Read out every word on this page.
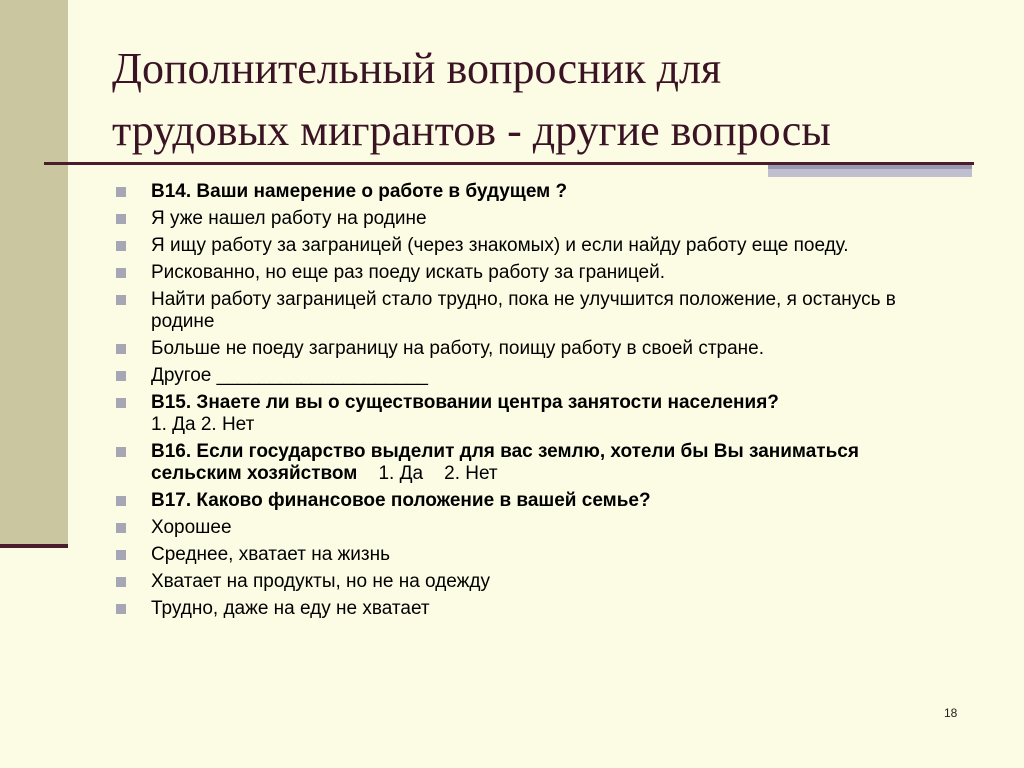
Дополнительный вопросник для
трудовых мигрантов - другие вопросы
В14. Ваши намерение о работе в будущем ?
Я уже нашел работу на родине
Я ищу работу за заграницей (через знакомых) и если найду работу еще поеду.
Рискованно, но еще раз поеду искать работу за границей.
Найти работу заграницей стало трудно, пока не улучшится положение, я останусь в родине
Больше не поеду заграницу на работу, поищу работу в своей стране.
Другое ____________________
В15. Знаете ли вы о существовании центра занятости населения?
1. Да 2. Нет
В16. Если государство выделит для вас землю, хотели бы Вы заниматься сельским хозяйством    1. Да    2. Нет
В17. Каково финансовое положение в вашей семье?
Хорошее
Среднее, хватает на жизнь
Хватает на продукты, но не на одежду
Трудно, даже на еду не хватает
18
